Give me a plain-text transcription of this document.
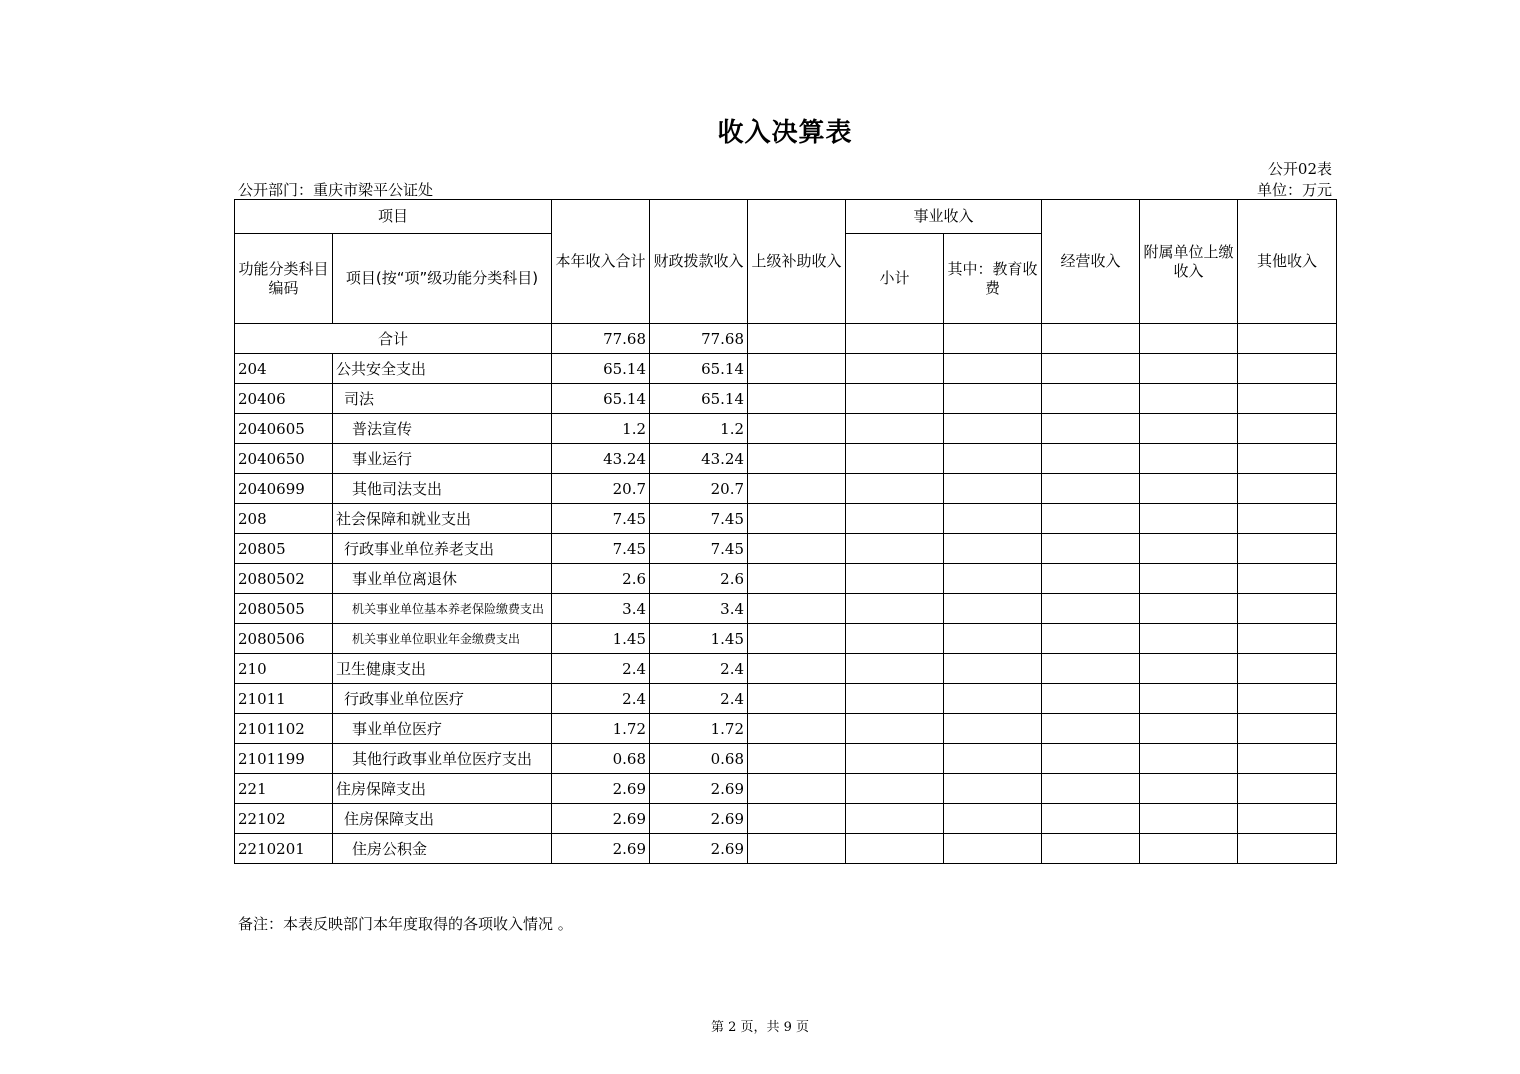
收入决算表
公开02表
公开部门：重庆市梁平公证处	单位：万元
项目		本年收入合计	财政拨款收入	上级补助收入	事业收入		经营收入	附属单位上缴收入	其他收入
功能分类科目编码	项目(按“项”级功能分类科目)				小计	其中：教育收费			

合计		77.68	77.68						
204	公共安全支出	65.14	65.14						
20406	司法	65.14	65.14						
2040605	普法宣传	1.2	1.2						
2040650	事业运行	43.24	43.24						
2040699	其他司法支出	20.7	20.7						
208	社会保障和就业支出	7.45	7.45						
20805	行政事业单位养老支出	7.45	7.45						
2080502	事业单位离退休	2.6	2.6						
2080505	机关事业单位基本养老保险缴费支出	3.4	3.4						
2080506	机关事业单位职业年金缴费支出	1.45	1.45						
210	卫生健康支出	2.4	2.4						
21011	行政事业单位医疗	2.4	2.4						
2101102	事业单位医疗	1.72	1.72						
2101199	其他行政事业单位医疗支出	0.68	0.68						
221	住房保障支出	2.69	2.69						
22102	住房保障支出	2.69	2.69						
2210201	住房公积金	2.69	2.69						
备注：本表反映部门本年度取得的各项收入情况 。
第 2 页，共 9 页
